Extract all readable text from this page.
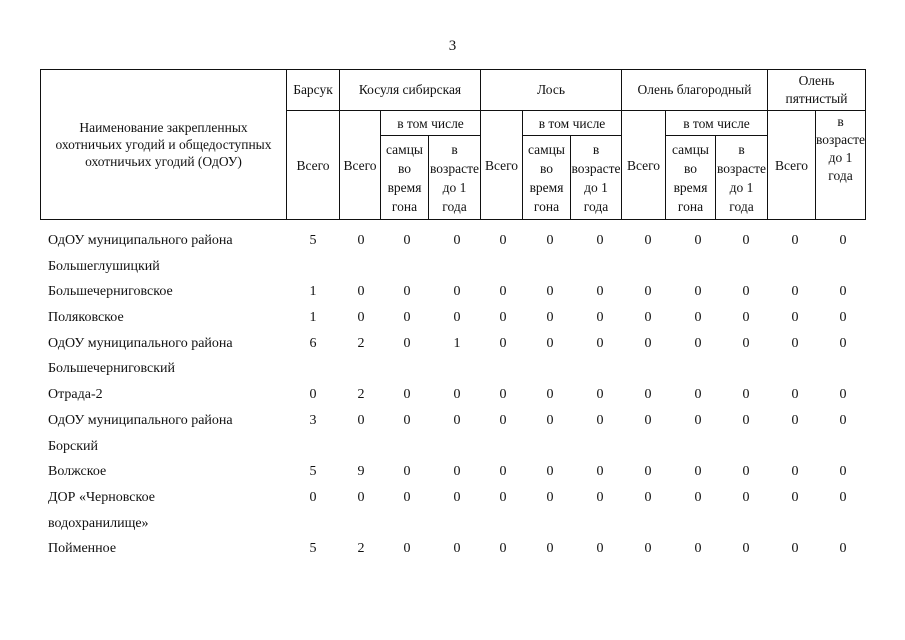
3
Наименование закрепленных охотничьих угодий и общедоступных охотничьих угодий (ОдОУ)	Барсук	Косуля сибирская			Лось			Олень благородный			Олень пятнистый	
	Всего	Всего	в том числе		Всего	в том числе		Всего	в том числе		Всего	в возрасте до 1 года
			самцы во время гона	в возрасте до 1 года		самцы во время гона	в возрасте до 1 года		самцы во время гона	в возрасте до 1 года		
ОдОУ муниципального района	5	0	0	0	0	0	0	0	0	0	0	0
Большеглушицкий
Большечерниговское	1	0	0	0	0	0	0	0	0	0	0	0
Поляковское	1	0	0	0	0	0	0	0	0	0	0	0
ОдОУ муниципального района	6	2	0	1	0	0	0	0	0	0	0	0
Большечерниговский
Отрада-2	0	2	0	0	0	0	0	0	0	0	0	0
ОдОУ муниципального района	3	0	0	0	0	0	0	0	0	0	0	0
Борский
Волжское	5	9	0	0	0	0	0	0	0	0	0	0
ДОР «Черновское	0	0	0	0	0	0	0	0	0	0	0	0
водохранилище»
Пойменное	5	2	0	0	0	0	0	0	0	0	0	0
